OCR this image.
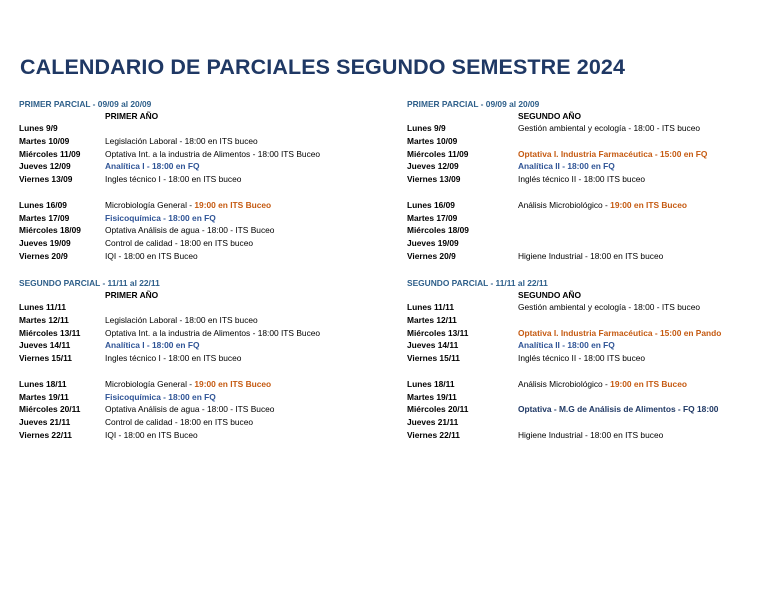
CALENDARIO DE PARCIALES SEGUNDO SEMESTRE 2024
PRIMER PARCIAL - 09/09 al 20/09
PRIMER AÑO
Lunes 9/9
Martes 10/09	Legislación Laboral - 18:00 en ITS buceo
Miércoles 11/09	Optativa Int. a la industria de Alimentos - 18:00 ITS Buceo
Jueves 12/09	Analítica I - 18:00 en FQ
Viernes 13/09	Ingles técnico I - 18:00 en ITS buceo
Lunes 16/09	Microbiología General - 19:00 en ITS Buceo
Martes 17/09	Fisicoquímica - 18:00 en FQ
Miércoles 18/09	Optativa Análisis de agua - 18:00 - ITS Buceo
Jueves 19/09	Control de calidad - 18:00 en ITS buceo
Viernes 20/9	IQI - 18:00 en ITS Buceo
SEGUNDO PARCIAL - 11/11 al 22/11
PRIMER AÑO
Lunes 11/11
Martes 12/11	Legislación Laboral - 18:00 en ITS buceo
Miércoles 13/11	Optativa Int. a la industria de Alimentos - 18:00 ITS Buceo
Jueves 14/11	Analítica I - 18:00 en FQ
Viernes 15/11	Ingles técnico I - 18:00 en ITS buceo
Lunes 18/11	Microbiología General - 19:00 en ITS Buceo
Martes 19/11	Fisicoquímica - 18:00 en FQ
Miércoles 20/11	Optativa Análisis de agua - 18:00 - ITS Buceo
Jueves 21/11	Control de calidad - 18:00 en ITS buceo
Viernes 22/11	IQI - 18:00 en ITS Buceo
PRIMER PARCIAL - 09/09 al 20/09
SEGUNDO AÑO
Lunes 9/9	Gestión ambiental y ecología - 18:00 - ITS buceo
Martes 10/09
Miércoles 11/09	Optativa I. Industria Farmacéutica - 15:00 en FQ
Jueves 12/09	Analítica II - 18:00 en FQ
Viernes 13/09	Inglés técnico II - 18:00 ITS buceo
Lunes 16/09	Análisis Microbiológico - 19:00 en ITS Buceo
Martes 17/09
Miércoles 18/09
Jueves 19/09
Viernes 20/9	Higiene Industrial - 18:00 en ITS buceo
SEGUNDO PARCIAL - 11/11 al 22/11
SEGUNDO AÑO
Lunes 11/11	Gestión ambiental y ecología - 18:00 - ITS buceo
Martes 12/11
Miércoles 13/11	Optativa I. Industria Farmacéutica - 15:00 en Pando
Jueves 14/11	Analítica II - 18:00 en FQ
Viernes 15/11	Inglés técnico II - 18:00 ITS buceo
Lunes 18/11	Análisis Microbiológico - 19:00 en ITS Buceo
Martes 19/11
Miércoles 20/11	Optativa - M.G de Análisis de Alimentos - FQ 18:00
Jueves 21/11
Viernes 22/11	Higiene Industrial - 18:00 en ITS buceo
